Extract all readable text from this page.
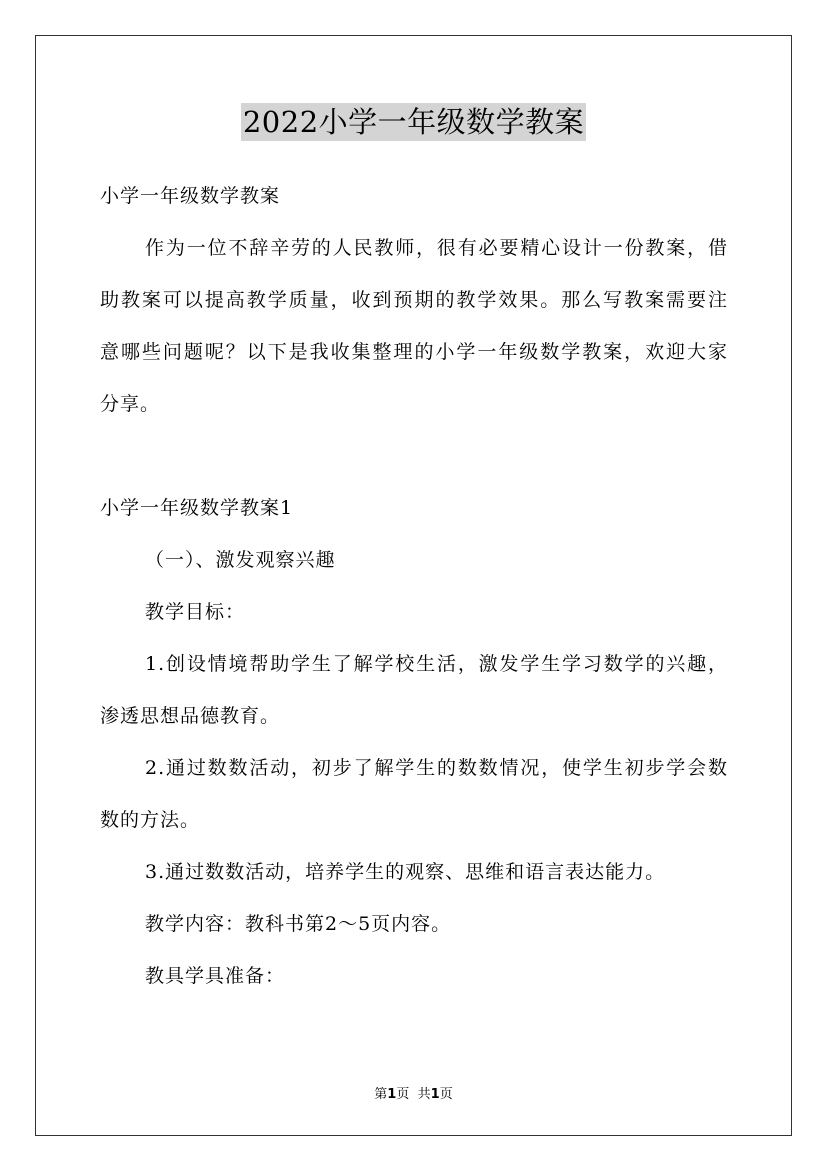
2022小学一年级数学教案
小学一年级数学教案
作为一位不辞辛劳的人民教师，很有必要精心设计一份教案，借
助教案可以提高教学质量，收到预期的教学效果。那么写教案需要注
意哪些问题呢？以下是我收集整理的小学一年级数学教案，欢迎大家
分享。
小学一年级数学教案1
（一）、激发观察兴趣
教学目标：
1.创设情境帮助学生了解学校生活，激发学生学习数学的兴趣，
渗透思想品德教育。
2.通过数数活动，初步了解学生的数数情况，使学生初步学会数
数的方法。
3.通过数数活动，培养学生的观察、思维和语言表达能力。
教学内容：教科书第2～5页内容。
教具学具准备：
第1页 共1页
